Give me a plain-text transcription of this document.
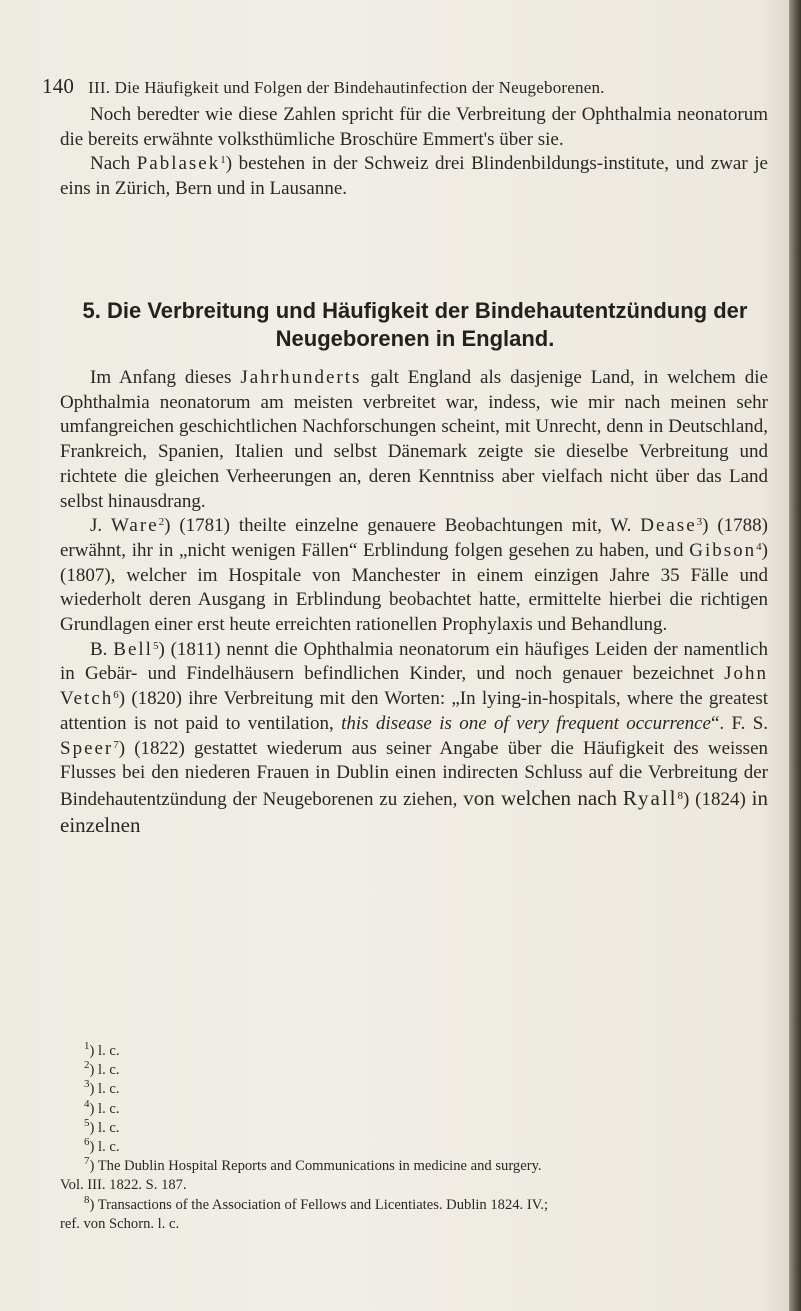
140 III. Die Häufigkeit und Folgen der Bindehautinfection der Neugeborenen.

Noch beredter wie diese Zahlen spricht für die Verbreitung der Ophthalmia neonatorum die bereits erwähnte volksthümliche Broschüre Emmert's über sie.

Nach Pablasek$^1$) bestehen in der Schweiz drei Blindenbildungs-institute, und zwar je eins in Zürich, Bern und in Lausanne.

5. Die Verbreitung und Häufigkeit der Bindehautentzündung der
Neugeborenen in England.

Im Anfang dieses Jahrhunderts galt England als dasjenige Land, in welchem die Ophthalmia neonatorum am meisten verbreitet war, indess, wie mir nach meinen sehr umfangreichen geschichtlichen Nachforschungen scheint, mit Unrecht, denn in Deutschland, Frankreich, Spanien, Italien und selbst Dänemark zeigte sie dieselbe Verbreitung und richtete die gleichen Verheerungen an, deren Kenntniss aber vielfach nicht über das Land selbst hinausdrang.

J. Ware$^2$) (1781) theilte einzelne genauere Beobachtungen mit, W. Dease$^3$) (1788) erwähnt, ihr in „nicht wenigen Fällen“ Erblindung folgen gesehen zu haben, und Gibson$^4$) (1807), welcher im Hospitale von Manchester in einem einzigen Jahre 35 Fälle und wiederholt deren Ausgang in Erblindung beobachtet hatte, ermittelte hierbei die richtigen Grundlagen einer erst heute erreichten rationellen Prophylaxis und Behandlung.

B. Bell$^5$) (1811) nennt die Ophthalmia neonatorum ein häufiges Leiden der namentlich in Gebär- und Findelhäusern befindlichen Kinder, und noch genauer bezeichnet John Vetch$^6$) (1820) ihre Verbreitung mit den Worten: „In lying-in-hospitals, where the greatest attention is not paid to ventilation, this disease is one of very frequent occurrence“. F. S. Speer$^7$) (1822) gestattet wiederum aus seiner Angabe über die Häufigkeit des weissen Flusses bei den niederen Frauen in Dublin einen indirecten Schluss auf die Verbreitung der Bindehautentzündung der Neugeborenen zu ziehen, von welchen nach Ryall$^8$) (1824) in einzelnen

$^1$) l. c.
$^2$) l. c.
$^3$) l. c.
$^4$) l. c.
$^5$) l. c.
$^6$) l. c.
$^7$) The Dublin Hospital Reports and Communications in medicine and surgery.
Vol. III. 1822. S. 187.
$^8$) Transactions of the Association of Fellows and Licentiates. Dublin 1824. IV.;
ref. von Schorn. l. c.
